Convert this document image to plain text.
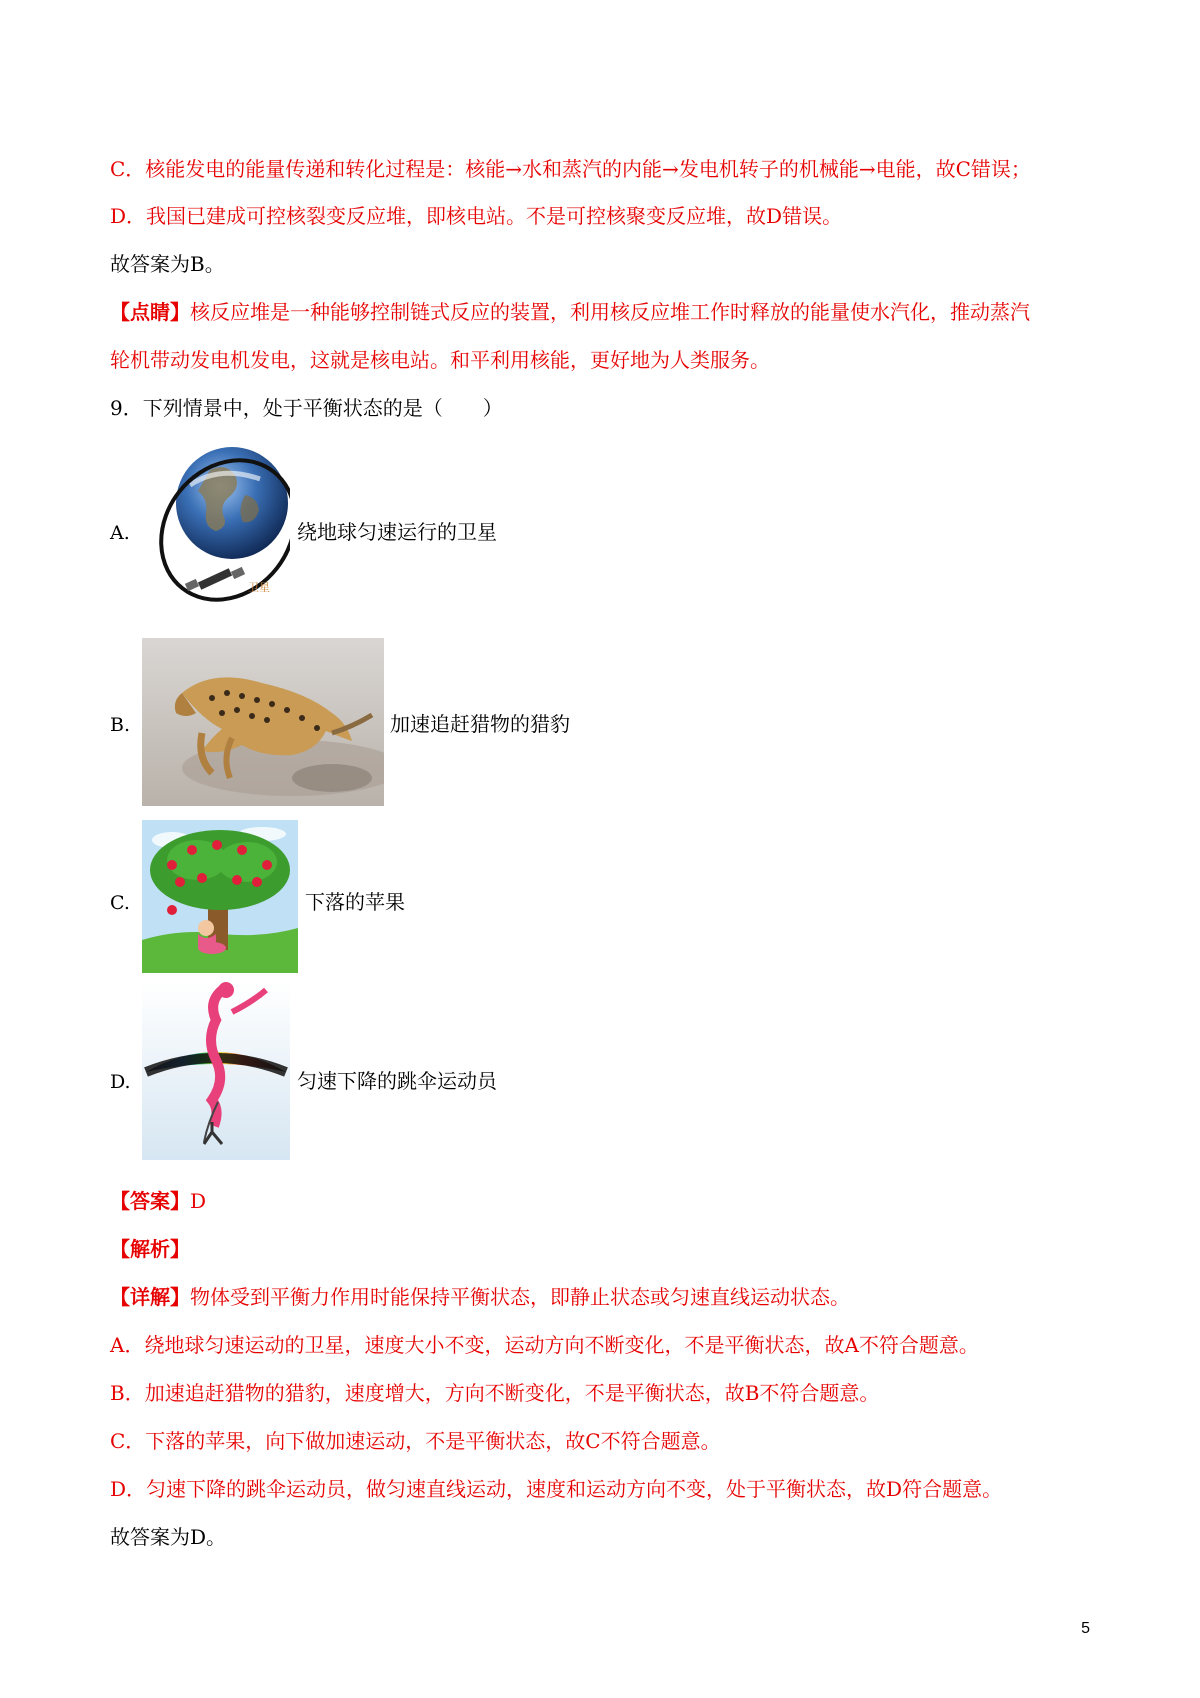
C．核能发电的能量传递和转化过程是：核能→水和蒸汽的内能→发电机转子的机械能→电能，故C错误；
D．我国已建成可控核裂变反应堆，即核电站。不是可控核聚变反应堆，故D错误。
故答案为B。
【点睛】核反应堆是一种能够控制链式反应的装置，利用核反应堆工作时释放的能量使水汽化，推动蒸汽
轮机带动发电机发电，这就是核电站。和平利用核能，更好地为人类服务。
9．下列情景中，处于平衡状态的是（　　）
A.
卫星
绕地球匀速运行的卫星
B.	加速追赶猎物的猎豹
C.	下落的苹果
D.	匀速下降的跳伞运动员
【答案】D
【解析】
【详解】物体受到平衡力作用时能保持平衡状态，即静止状态或匀速直线运动状态。
A．绕地球匀速运动的卫星，速度大小不变，运动方向不断变化，不是平衡状态，故A不符合题意。
B．加速追赶猎物的猎豹，速度增大，方向不断变化，不是平衡状态，故B不符合题意。
C．下落的苹果，向下做加速运动，不是平衡状态，故C不符合题意。
D．匀速下降的跳伞运动员，做匀速直线运动，速度和运动方向不变，处于平衡状态，故D符合题意。
故答案为D。
5
